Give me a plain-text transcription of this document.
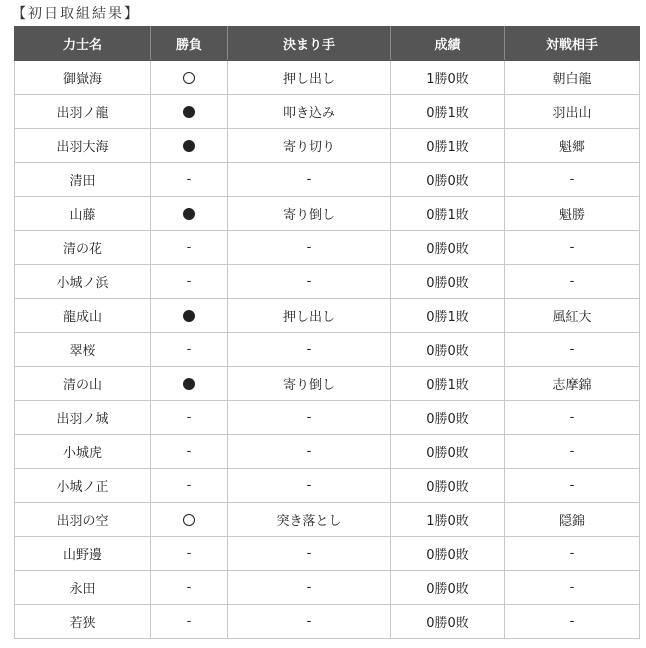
【初日取組結果】
力士名	勝負	決まり手	成績	対戦相手
御嶽海		押し出し	1勝0敗	朝白龍
出羽ノ龍		叩き込み	0勝1敗	羽出山
出羽大海		寄り切り	0勝1敗	魁郷
清田	-	-	0勝0敗	-
山藤		寄り倒し	0勝1敗	魁勝
清の花	-	-	0勝0敗	-
小城ノ浜	-	-	0勝0敗	-
龍成山		押し出し	0勝1敗	風紅大
翠桜	-	-	0勝0敗	-
清の山		寄り倒し	0勝1敗	志摩錦
出羽ノ城	-	-	0勝0敗	-
小城虎	-	-	0勝0敗	-
小城ノ正	-	-	0勝0敗	-
出羽の空		突き落とし	1勝0敗	隠錦
山野邊	-	-	0勝0敗	-
永田	-	-	0勝0敗	-
若狭	-	-	0勝0敗	-
